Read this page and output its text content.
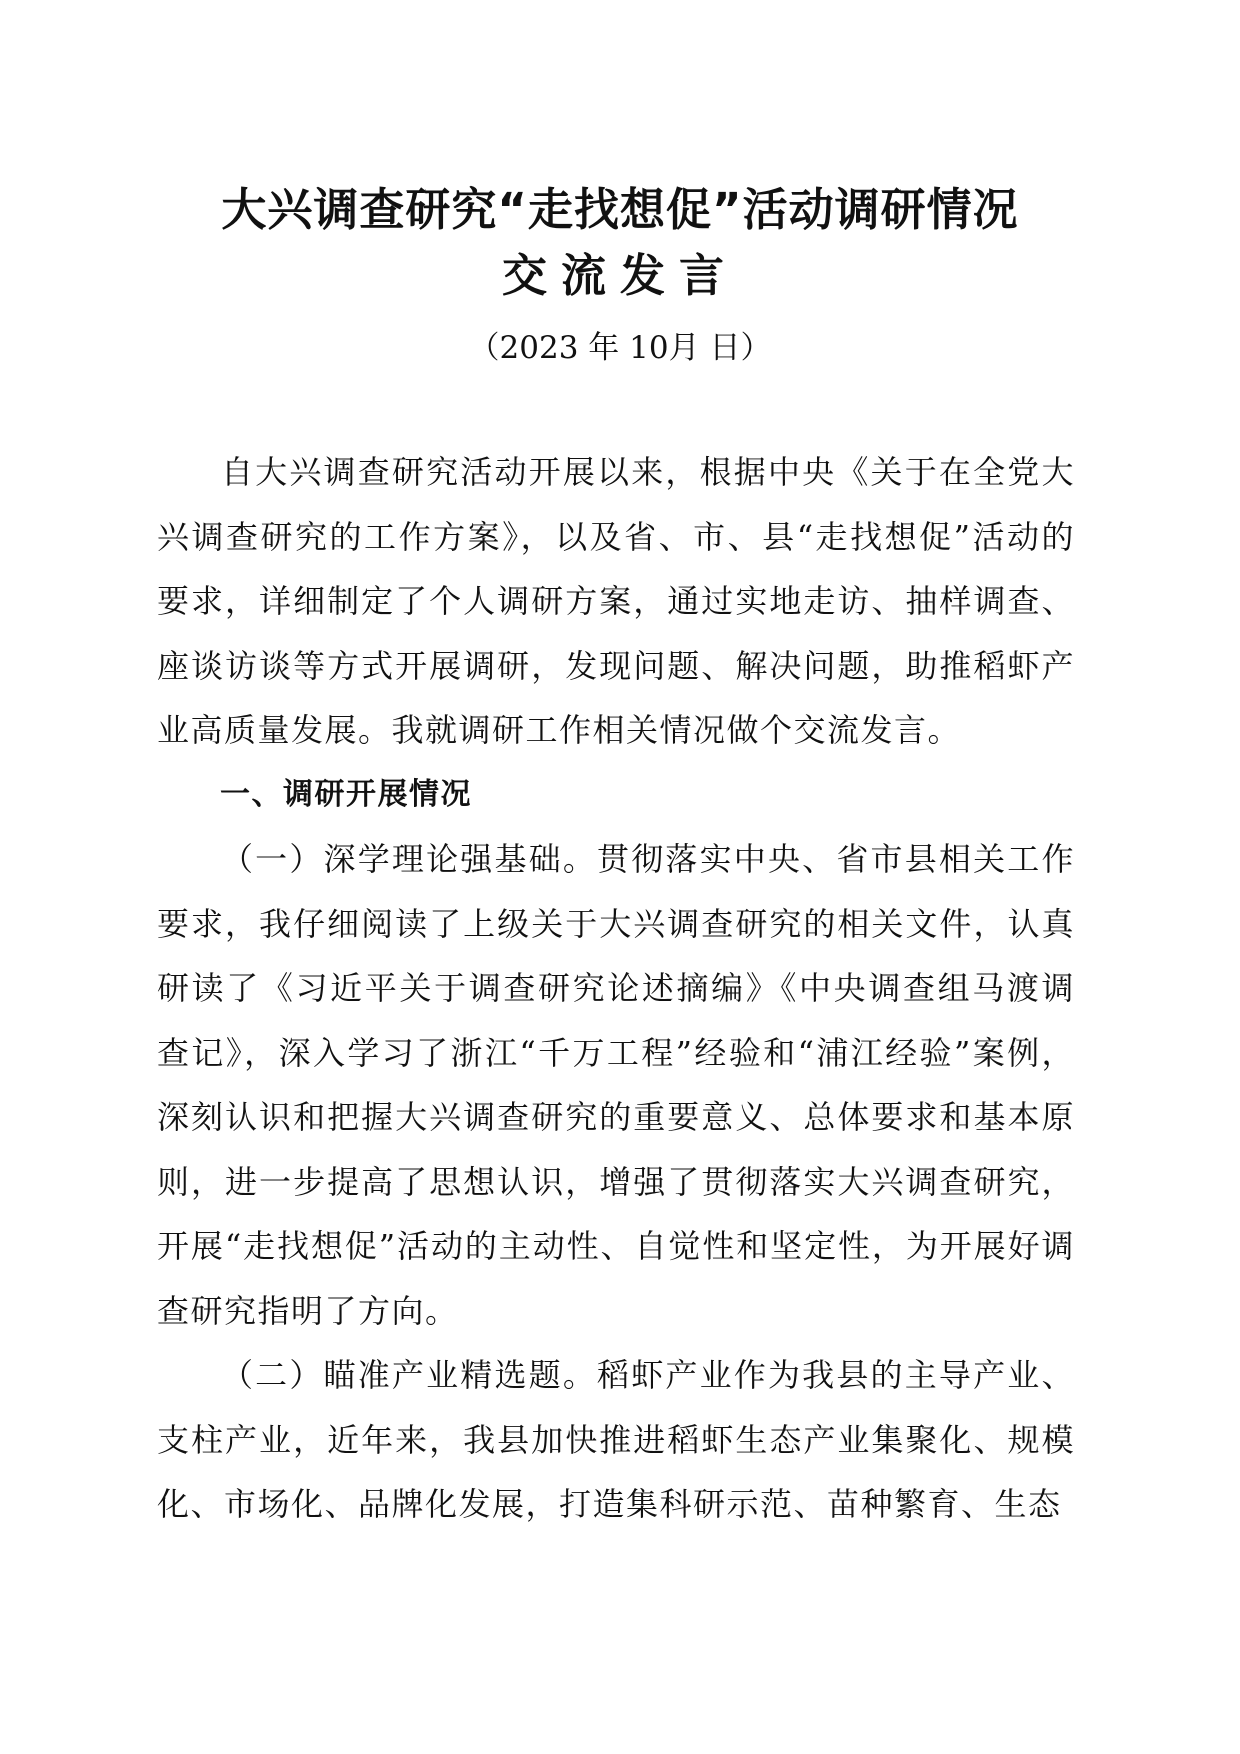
大兴调查研究“走找想促”活动调研情况
交流发言
（2023 年 10月 日）

自大兴调查研究活动开展以来，根据中央《关于在全党大兴调查研究的工作方案》，以及省、市、县“走找想促”活动的要求，详细制定了个人调研方案，通过实地走访、抽样调查、座谈访谈等方式开展调研，发现问题、解决问题，助推稻虾产业高质量发展。我就调研工作相关情况做个交流发言。

一、调研开展情况

（一）深学理论强基础。贯彻落实中央、省市县相关工作要求，我仔细阅读了上级关于大兴调查研究的相关文件，认真研读了《习近平关于调查研究论述摘编》《中央调查组马渡调查记》，深入学习了浙江“千万工程”经验和“浦江经验”案例，深刻认识和把握大兴调查研究的重要意义、总体要求和基本原则，进一步提高了思想认识，增强了贯彻落实大兴调查研究，开展“走找想促”活动的主动性、自觉性和坚定性，为开展好调查研究指明了方向。

（二）瞄准产业精选题。稻虾产业作为我县的主导产业、支柱产业，近年来，我县加快推进稻虾生态产业集聚化、规模化、市场化、品牌化发展，打造集科研示范、苗种繁育、生态
